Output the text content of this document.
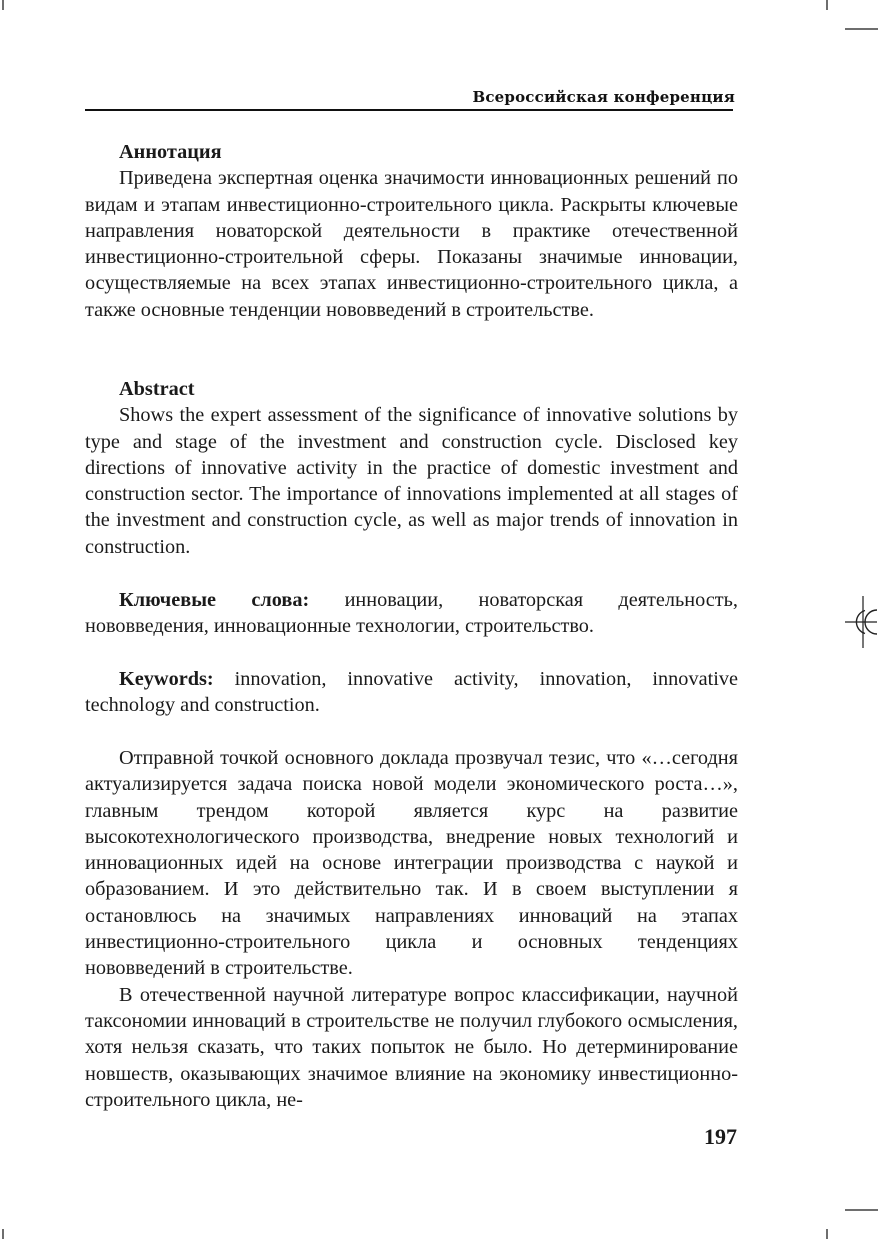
Всероссийская конференция
Аннотация

Приведена экспертная оценка значимости инновационных решений по видам и этапам инвестиционно-строительного цикла. Раскрыты ключевые направления новаторской деятельности в практике отечественной инвестиционно-строительной сферы. Показаны значимые инновации, осуществляемые на всех этапах инвестиционно-строительного цикла, а также основные тенденции нововведений в строительстве.

Abstract

Shows the expert assessment of the significance of innovative solutions by type and stage of the investment and construction cycle. Disclosed key directions of innovative activity in the practice of domestic investment and construction sector. The importance of innovations implemented at all stages of the investment and construction cycle, as well as major trends of innovation in construction.

Ключевые слова: инновации, новаторская деятельность, нововведения, инновационные технологии, строительство.

Keywords: innovation, innovative activity, innovation, innovative technology and construction.

Отправной точкой основного доклада прозвучал тезис, что «…сегодня актуализируется задача поиска новой модели экономического роста…», главным трендом которой является курс на развитие высокотехнологического производства, внедрение новых технологий и инновационных идей на основе интеграции производства с наукой и образованием. И это действительно так. И в своем выступлении я остановлюсь на значимых направлениях инноваций на этапах инвестиционно-строительного цикла и основных тенденциях нововведений в строительстве.

В отечественной научной литературе вопрос классификации, научной таксономии инноваций в строительстве не получил глубокого осмысления, хотя нельзя сказать, что таких попыток не было. Но детерминирование новшеств, оказывающих значимое влияние на экономику инвестиционно-строительного цикла, не-

197
